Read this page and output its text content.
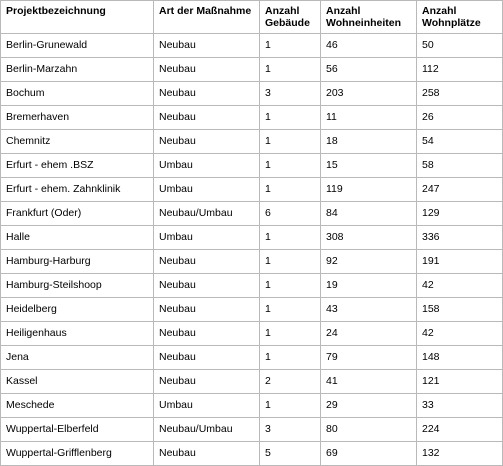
Projektbezeichnung	Art der Maßnahme	Anzahl Gebäude	Anzahl Wohneinheiten	Anzahl Wohnplätze
Berlin-Grunewald	Neubau	1	46	50
Berlin-Marzahn	Neubau	1	56	112
Bochum	Neubau	3	203	258
Bremerhaven	Neubau	1	11	26
Chemnitz	Neubau	1	18	54
Erfurt - ehem .BSZ	Umbau	1	15	58
Erfurt - ehem. Zahnklinik	Umbau	1	119	247
Frankfurt (Oder)	Neubau/Umbau	6	84	129
Halle	Umbau	1	308	336
Hamburg-Harburg	Neubau	1	92	191
Hamburg-Steilshoop	Neubau	1	19	42
Heidelberg	Neubau	1	43	158
Heiligenhaus	Neubau	1	24	42
Jena	Neubau	1	79	148
Kassel	Neubau	2	41	121
Meschede	Umbau	1	29	33
Wuppertal-Elberfeld	Neubau/Umbau	3	80	224
Wuppertal-Grifflenberg	Neubau	5	69	132
